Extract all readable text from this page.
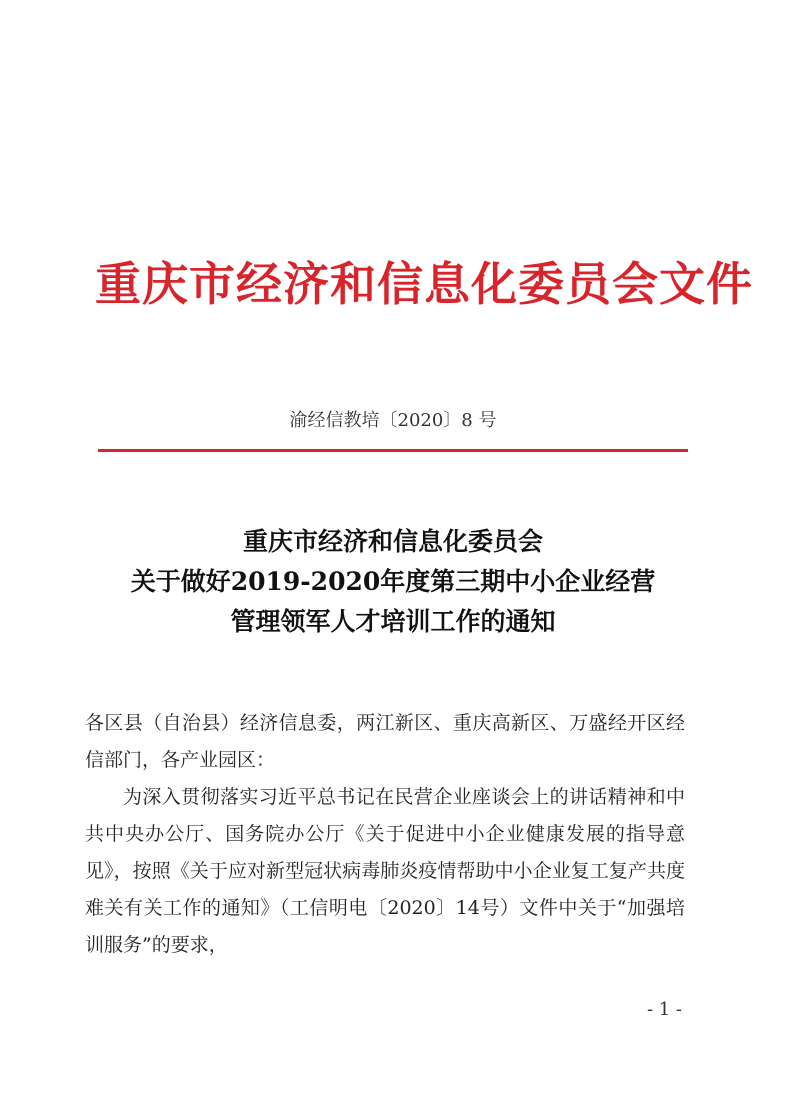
重庆市经济和信息化委员会文件
渝经信教培〔2020〕8 号
重庆市经济和信息化委员会
关于做好2019-2020年度第三期中小企业经营
管理领军人才培训工作的通知

各区县（自治县）经济信息委，两江新区、重庆高新区、万盛经开区经信部门，各产业园区：

为深入贯彻落实习近平总书记在民营企业座谈会上的讲话精神和中共中央办公厅、国务院办公厅《关于促进中小企业健康发展的指导意见》，按照《关于应对新型冠状病毒肺炎疫情帮助中小企业复工复产共度难关有关工作的通知》（工信明电〔2020〕14号）文件中关于“加强培训服务”的要求，

- 1 -
